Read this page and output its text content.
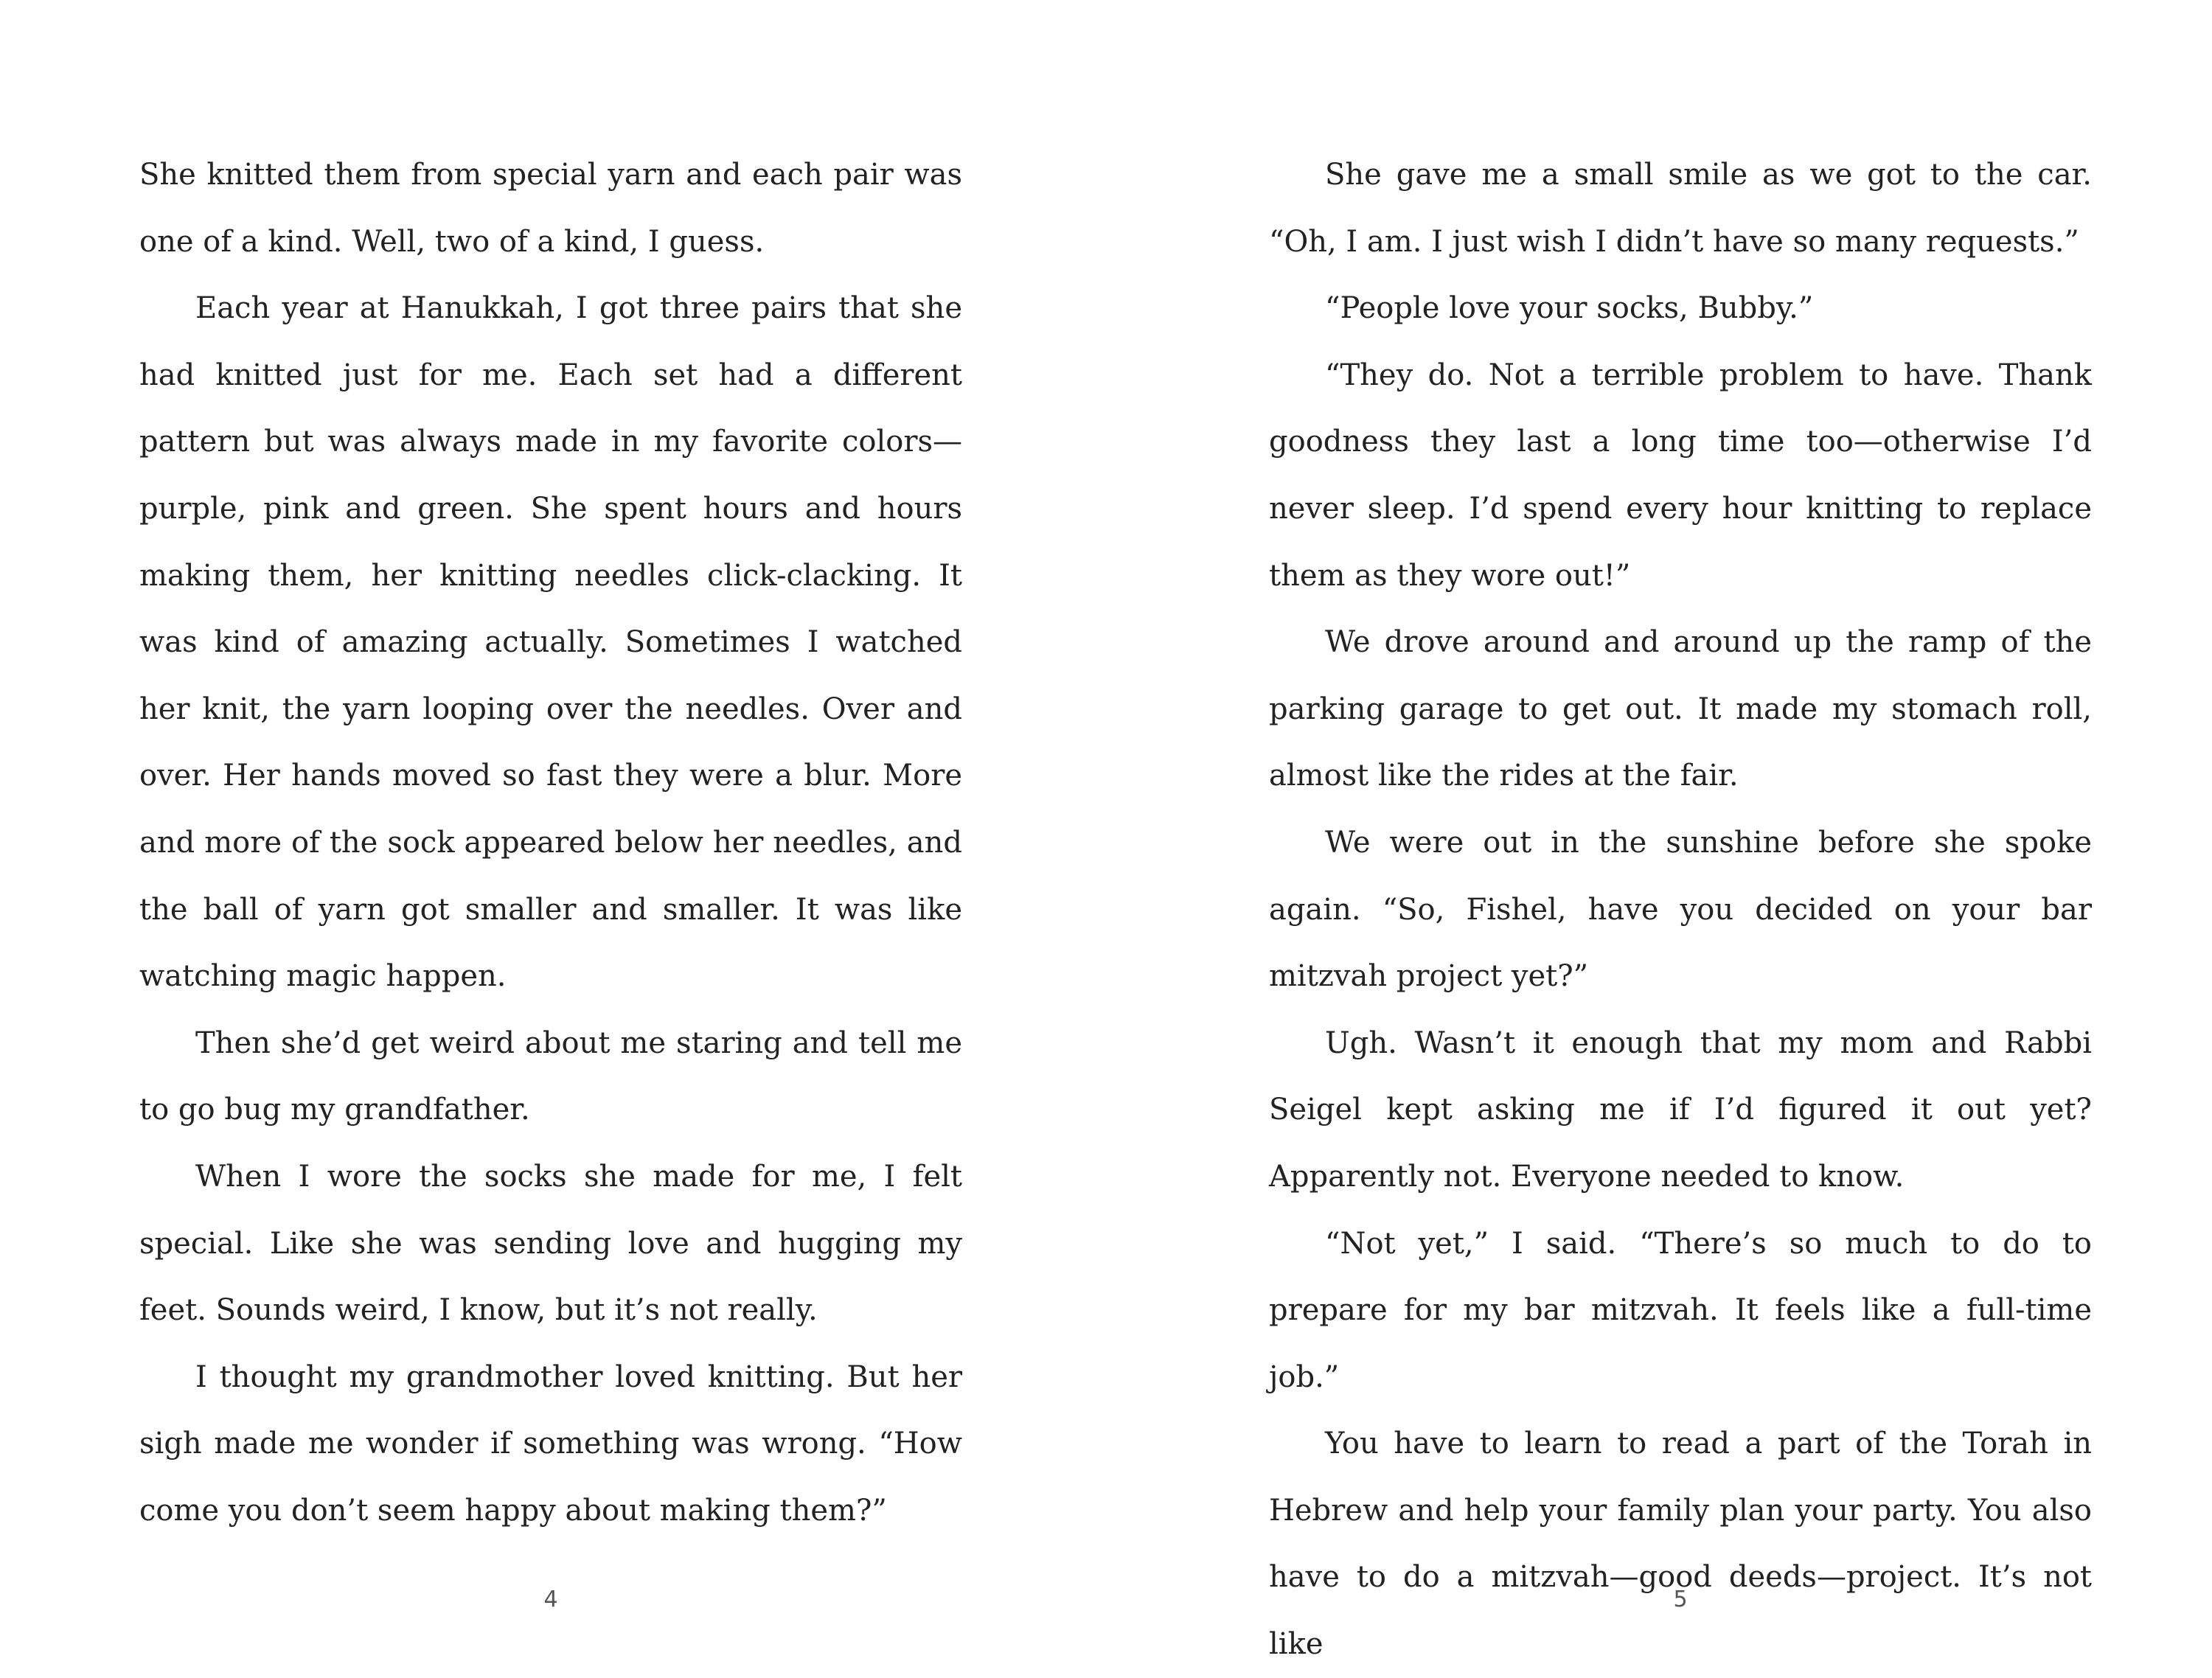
She knitted them from special yarn and each pair was one of a kind. Well, two of a kind, I guess.

Each year at Hanukkah, I got three pairs that she had knitted just for me. Each set had a different pattern but was always made in my favorite colors—purple, pink and green. She spent hours and hours making them, her knitting needles click-clacking. It was kind of amazing actually. Sometimes I watched her knit, the yarn looping over the needles. Over and over. Her hands moved so fast they were a blur. More and more of the sock appeared below her needles, and the ball of yarn got smaller and smaller. It was like watching magic happen.

Then she’d get weird about me staring and tell me to go bug my grandfather.

When I wore the socks she made for me, I felt special. Like she was sending love and hugging my feet. Sounds weird, I know, but it’s not really.

I thought my grandmother loved knitting. But her sigh made me wonder if something was wrong. “How come you don’t seem happy about making them?”

She gave me a small smile as we got to the car. “Oh, I am. I just wish I didn’t have so many requests.”

“People love your socks, Bubby.”

“They do. Not a terrible problem to have. Thank goodness they last a long time too—otherwise I’d never sleep. I’d spend every hour knitting to replace them as they wore out!”

We drove around and around up the ramp of the parking garage to get out. It made my stomach roll, almost like the rides at the fair.

We were out in the sunshine before she spoke again. “So, Fishel, have you decided on your bar mitzvah project yet?”

Ugh. Wasn’t it enough that my mom and Rabbi Seigel kept asking me if I’d figured it out yet? Apparently not. Everyone needed to know.

“Not yet,” I said. “There’s so much to do to prepare for my bar mitzvah. It feels like a full-time job.”

You have to learn to read a part of the Torah in Hebrew and help your family plan your party. You also have to do a mitzvah—good deeds—project. It’s not like

4	5
